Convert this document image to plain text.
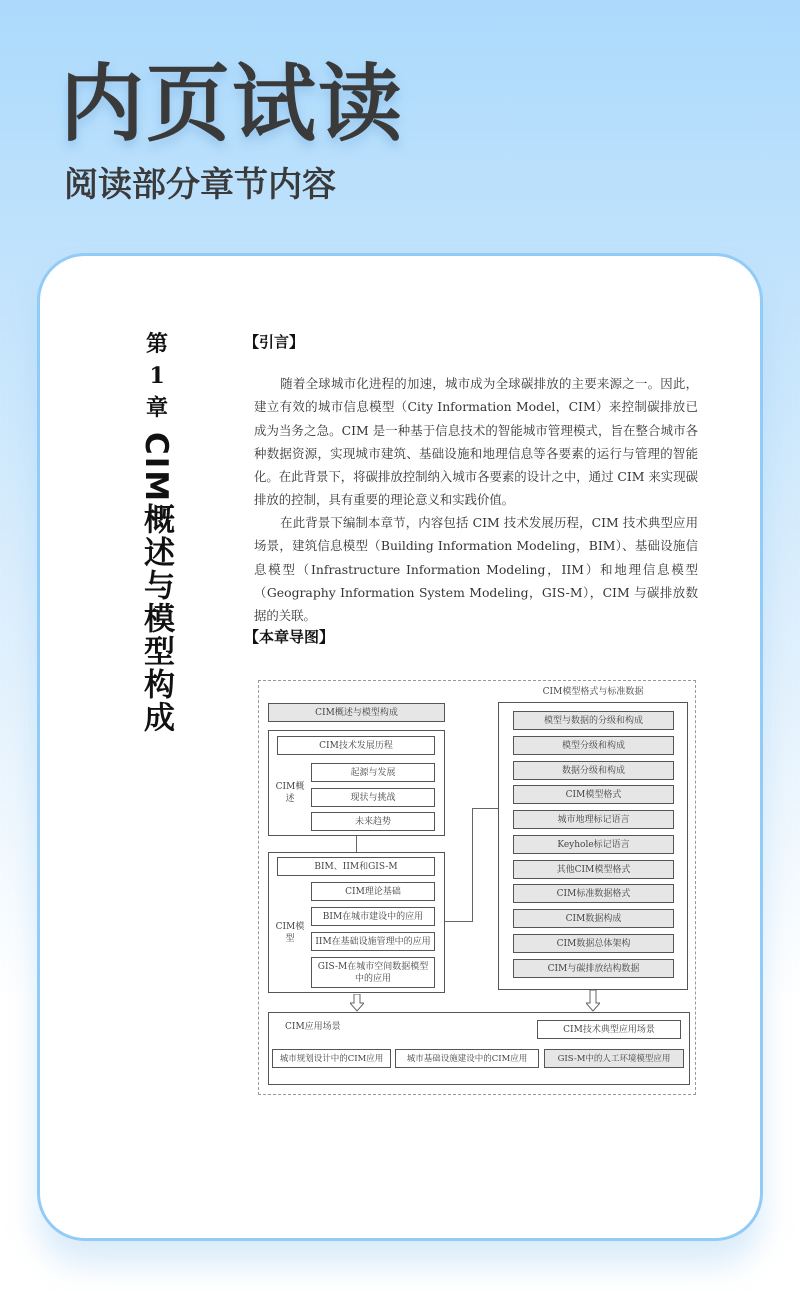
内页试读
阅读部分章节内容
第
1
章
CIM概述与模型构成
【引言】
随着全球城市化进程的加速，城市成为全球碳排放的主要来源之一。因此，建立有效的城市信息模型（City Information Model，CIM）来控制碳排放已成为当务之急。CIM 是一种基于信息技术的智能城市管理模式，旨在整合城市各种数据资源，实现城市建筑、基础设施和地理信息等各要素的运行与管理的智能化。在此背景下，将碳排放控制纳入城市各要素的设计之中，通过 CIM 来实现碳排放的控制，具有重要的理论意义和实践价值。
在此背景下编制本章节，内容包括 CIM 技术发展历程，CIM 技术典型应用场景，建筑信息模型（Building Information Modeling，BIM）、基础设施信息模型（Infrastructure Information Modeling，IIM）和地理信息模型（Geography Information System Modeling，GIS-M），CIM 与碳排放数据的关联。
【本章导图】
CIM概述与模型构成
CIM技术发展历程
CIM概述
起源与发展
现状与挑战
未来趋势
BIM、IIM和GIS-M
CIM模型
CIM理论基础
BIM在城市建设中的应用
IIM在基础设施管理中的应用
GIS-M在城市空间数据模型中的应用
CIM模型格式与标准数据
模型与数据的分级和构成
模型分级和构成
数据分级和构成
CIM模型格式
城市地理标记语言
Keyhole标记语言
其他CIM模型格式
CIM标准数据格式
CIM数据构成
CIM数据总体架构
CIM与碳排放结构数据
CIM应用场景	CIM技术典型应用场景
城市规划设计中的CIM应用	城市基础设施建设中的CIM应用	GIS-M中的人工环境模型应用
